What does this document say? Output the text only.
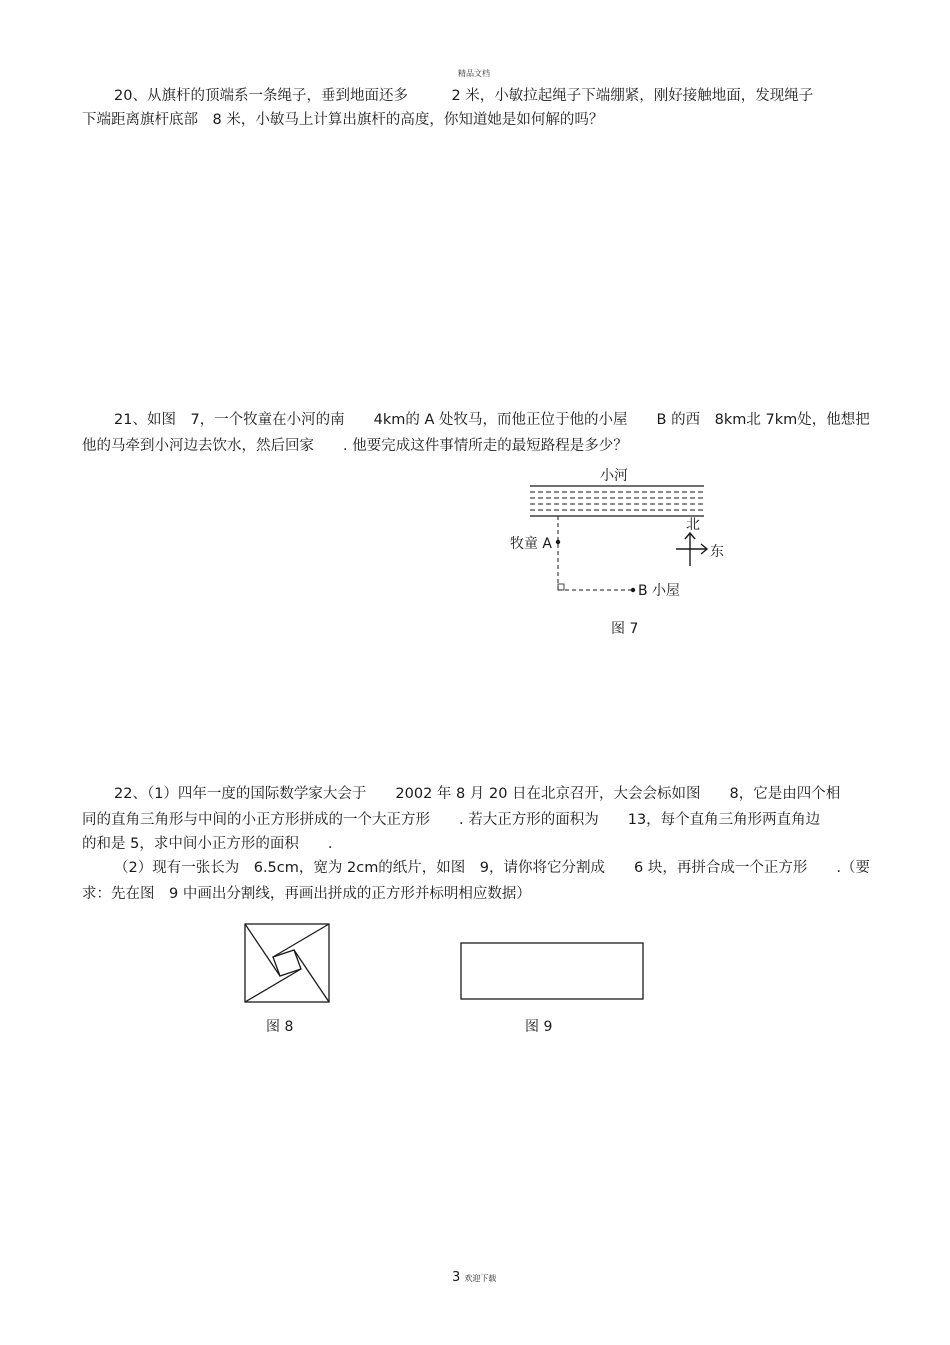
精品文档
20、从旗杆的顶端系一条绳子，垂到地面还多　　　2 米，小敏拉起绳子下端绷紧，刚好接触地面，发现绳子
下端距离旗杆底部　8 米，小敏马上计算出旗杆的高度，你知道她是如何解的吗？
21、如图　7，一个牧童在小河的南　　4km的 A 处牧马，而他正位于他的小屋　　B 的西　8km北 7km处，他想把
他的马牵到小河边去饮水，然后回家　　. 他要完成这件事情所走的最短路程是多少？
小河
牧童 A
B 小屋
北
东
图 7
22、（1）四年一度的国际数学家大会于　　2002 年 8 月 20 日在北京召开，大会会标如图　　8，它是由四个相
同的直角三角形与中间的小正方形拼成的一个大正方形　　. 若大正方形的面积为　　13，每个直角三角形两直角边
的和是 5，求中间小正方形的面积　　.
（2）现有一张长为　6.5cm，宽为 2cm的纸片，如图　9，请你将它分割成　　6 块，再拼合成一个正方形　　.（要
求：先在图　9 中画出分割线，再画出拼成的正方形并标明相应数据）
图 8	图 9
3 欢迎下载
